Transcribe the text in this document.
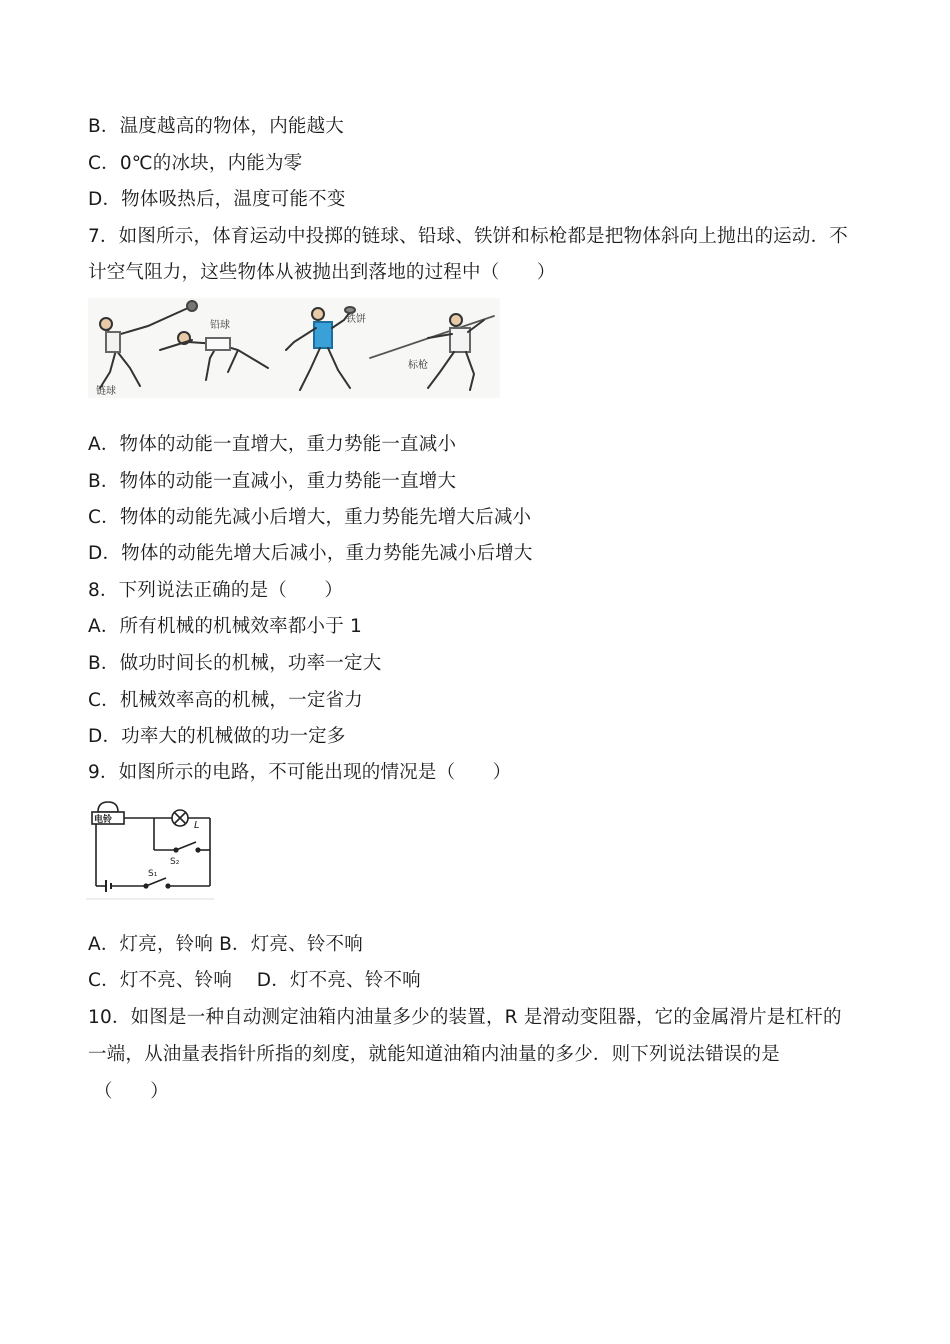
B．温度越高的物体，内能越大
C．0℃的冰块，内能为零
D．物体吸热后，温度可能不变
7．如图所示，体育运动中投掷的链球、铅球、铁饼和标枪都是把物体斜向上抛出的运动．不
计空气阻力，这些物体从被抛出到落地的过程中（　　）
链球
铅球
铁饼
标枪
A．物体的动能一直增大，重力势能一直减小
B．物体的动能一直减小，重力势能一直增大
C．物体的动能先减小后增大，重力势能先增大后减小
D．物体的动能先增大后减小，重力势能先减小后增大
8．下列说法正确的是（　　）
A．所有机械的机械效率都小于 1
B．做功时间长的机械，功率一定大
C．机械效率高的机械，一定省力
D．功率大的机械做的功一定多
9．如图所示的电路，不可能出现的情况是（　　）
电铃	L
S₂
S₁
A．灯亮，铃响 B．灯亮、铃不响
C．灯不亮、铃响　 D．灯不亮、铃不响
10．如图是一种自动测定油箱内油量多少的装置，R 是滑动变阻器，它的金属滑片是杠杆的
一端，从油量表指针所指的刻度，就能知道油箱内油量的多少．则下列说法错误的是
（　　）
